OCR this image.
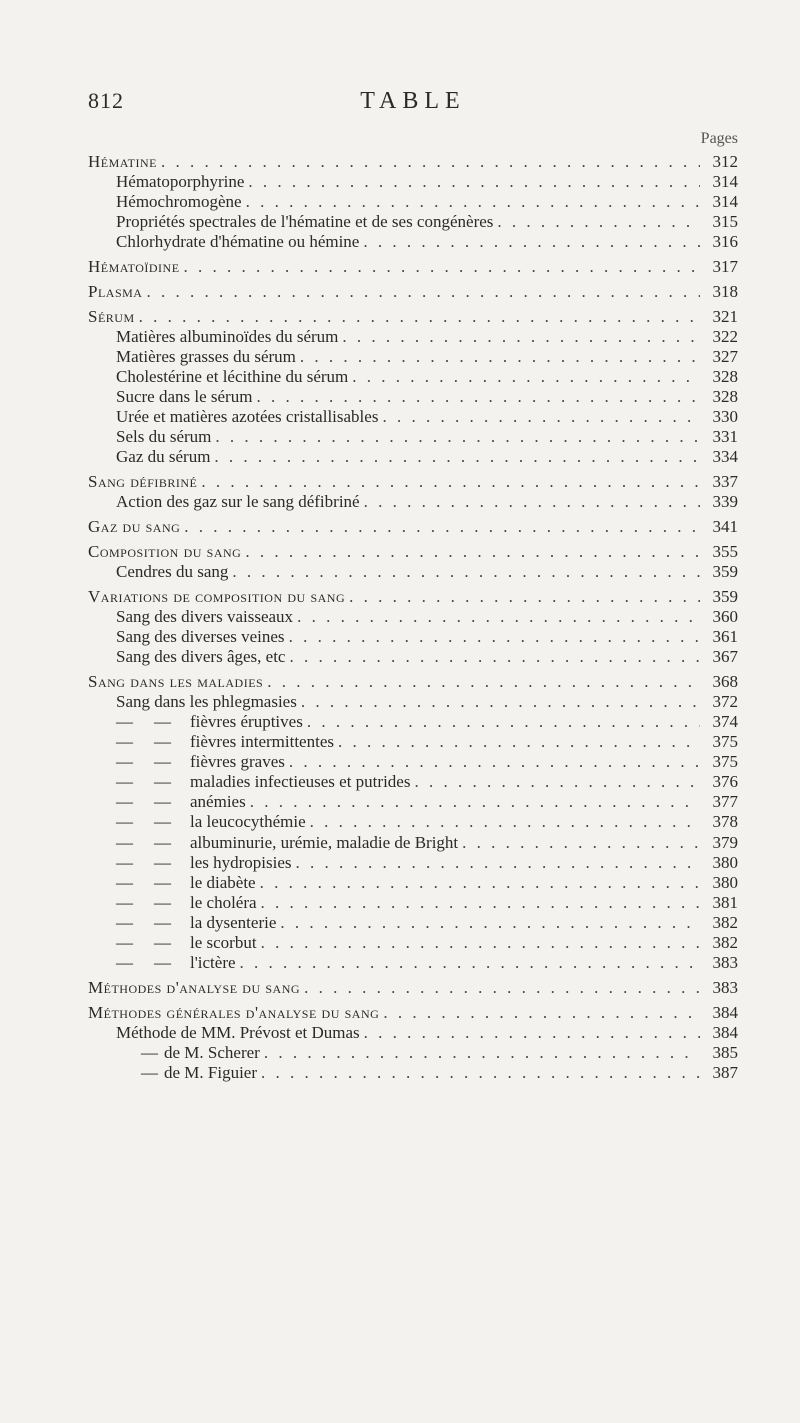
812	TABLE
Pages
Hématine . . .	312
Hématoporphyrine . . .	314
Hémochromogène . . .	314
Propriétés spectrales de l'hématine et de ses congénères . . .	315
Chlorhydrate d'hématine ou hémine . . .	316
Hématoïdine . . .	317
Plasma . . .	318
Sérum . . .	321
Matières albuminoïdes du sérum . . .	322
Matières grasses du sérum . . .	327
Cholestérine et lécithine du sérum . . .	328
Sucre dans le sérum . . .	328
Urée et matières azotées cristallisables . . .	330
Sels du sérum . . .	331
Gaz du sérum . . .	334
Sang défibriné . . .	337
Action des gaz sur le sang défibriné . . .	339
Gaz du sang . . .	341
Composition du sang . . .	355
Cendres du sang . . .	359
Variations de composition du sang . . .	359
Sang des divers vaisseaux . . .	360
Sang des diverses veines . . .	361
Sang des divers âges, etc . . .	367
Sang dans les maladies . . .	368
Sang dans les phlegmasies . . .	372
—	—	fièvres éruptives . . .	374
—	—	fièvres intermittentes . . .	375
—	—	fièvres graves . . .	375
—	—	maladies infectieuses et putrides . . .	376
—	—	anémies . . .	377
—	—	la leucocythémie . . .	378
—	—	albuminurie, urémie, maladie de Bright . . .	379
—	—	les hydropisies . . .	380
—	—	le diabète . . .	380
—	—	le choléra . . .	381
—	—	la dysenterie . . .	382
—	—	le scorbut . . .	382
—	—	l'ictère . . .	383
Méthodes d'analyse du sang . . .	383
Méthodes générales d'analyse du sang . . .	384
Méthode de MM. Prévost et Dumas . . .	384
— de M. Scherer . . .	385
— de M. Figuier . . .	387
